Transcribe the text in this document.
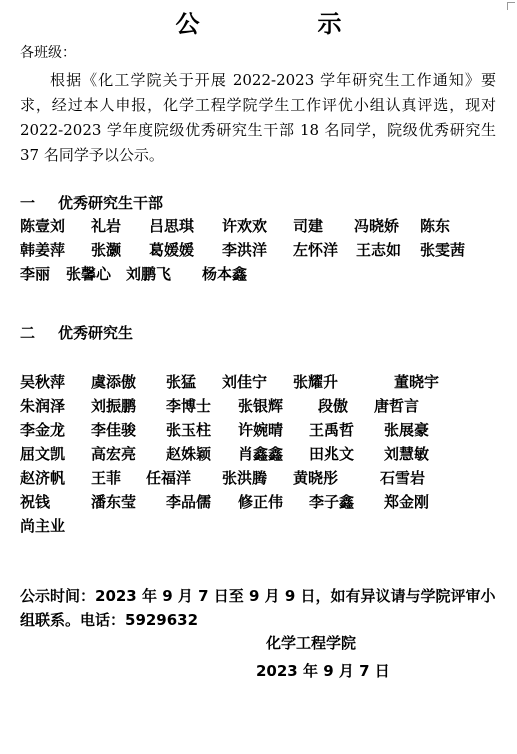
公	示
各班级：
根据《化工学院关于开展 2022-2023 学年研究生工作通知》要求，经过本人申报，化学工程学院学生工作评优小组认真评选，现对 2022-2023 学年度院级优秀研究生干部 18 名同学，院级优秀研究生 37 名同学予以公示。
一 优秀研究生干部
陈壹刘 礼岩 吕思琪 许欢欢 司建 冯晓娇 陈东
韩姜萍 张灏 葛媛媛 李洪洋 左怀洋 王志如 张雯茜
李丽 张馨心 刘鹏飞 杨本鑫
二 优秀研究生
吴秋萍 虞添傲 张猛 刘佳宁 张耀升	董晓宇
朱润泽 刘振鹏 李博士 张银辉 段傲 唐哲言
李金龙 李佳骏 张玉柱 许婉晴 王禹哲 张展豪
屈文凯 高宏亮 赵姝颖 肖鑫鑫 田兆文 刘慧敏
赵济帆 王菲 任福洋 张洪腾 黄晓彤	石雪岩
祝钱	潘东莹 李品儒 修正伟 李子鑫 郑金刚
尚主业
公示时间：2023 年 9 月 7 日至 9 月 9 日，如有异议请与学院评审小组联系。电话：5929632
化学工程学院
2023 年 9 月 7 日
